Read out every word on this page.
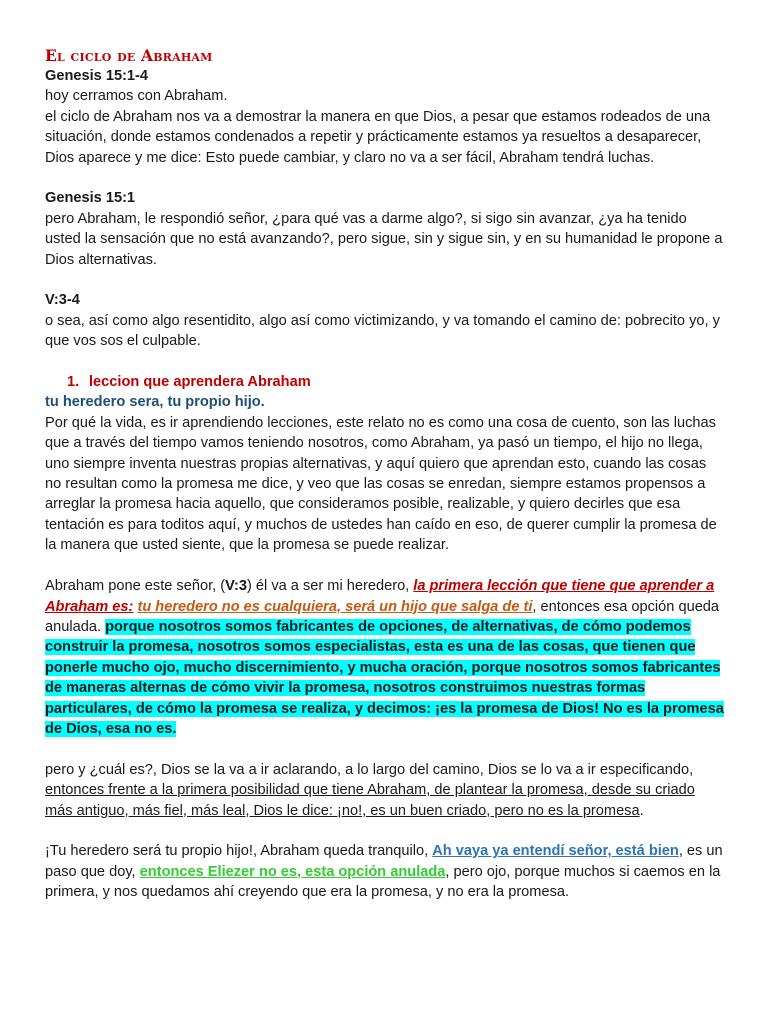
El ciclo de Abraham
Genesis 15:1-4
hoy cerramos con Abraham.
el ciclo de Abraham nos va a demostrar la manera en que Dios, a pesar que estamos rodeados de una situación, donde estamos condenados a repetir y prácticamente estamos ya resueltos a desaparecer, Dios aparece y me dice: Esto puede cambiar, y claro no va a ser fácil, Abraham tendrá luchas.
Genesis 15:1
pero Abraham, le respondió señor, ¿para qué vas a darme algo?, si sigo sin avanzar, ¿ya ha tenido usted la sensación que no está avanzando?, pero sigue, sin y sigue sin, y en su humanidad le propone a Dios alternativas.
V:3-4
o sea, así como algo resentidito, algo así como victimizando, y va tomando el camino de: pobrecito yo, y que vos sos el culpable.
1. leccion que aprendera Abraham
tu heredero sera, tu propio hijo.
Por qué la vida, es ir aprendiendo lecciones, este relato no es como una cosa de cuento, son las luchas que a través del tiempo vamos teniendo nosotros, como Abraham, ya pasó un tiempo, el hijo no llega, uno siempre inventa nuestras propias alternativas, y aquí quiero que aprendan esto, cuando las cosas no resultan como la promesa me dice, y veo que las cosas se enredan, siempre estamos propensos a arreglar la promesa hacia aquello, que consideramos posible, realizable, y quiero decirles que esa tentación es para toditos aquí, y muchos de ustedes han caído en eso, de querer cumplir la promesa de la manera que usted siente, que la promesa se puede realizar.
Abraham pone este señor, (V:3) él va a ser mi heredero, la primera lección que tiene que aprender a Abraham es: tu heredero no es cualquiera, será un hijo que salga de ti, entonces esa opción queda anulada. porque nosotros somos fabricantes de opciones, de alternativas, de cómo podemos construir la promesa, nosotros somos especialistas, esta es una de las cosas, que tienen que ponerle mucho ojo, mucho discernimiento, y mucha oración, porque nosotros somos fabricantes de maneras alternas de cómo vivir la promesa, nosotros construimos nuestras formas particulares, de cómo la promesa se realiza, y decimos: ¡es la promesa de Dios! No es la promesa de Dios, esa no es.
pero y ¿cuál es?, Dios se la va a ir aclarando, a lo largo del camino, Dios se lo va a ir especificando, entonces frente a la primera posibilidad que tiene Abraham, de plantear la promesa, desde su criado más antiguo, más fiel, más leal, Dios le dice: ¡no!, es un buen criado, pero no es la promesa.
¡Tu heredero será tu propio hijo!, Abraham queda tranquilo, Ah vaya ya entendí señor, está bien, es un paso que doy, entonces Eliezer no es, esta opción anulada, pero ojo, porque muchos si caemos en la primera, y nos quedamos ahí creyendo que era la promesa, y no era la promesa.
